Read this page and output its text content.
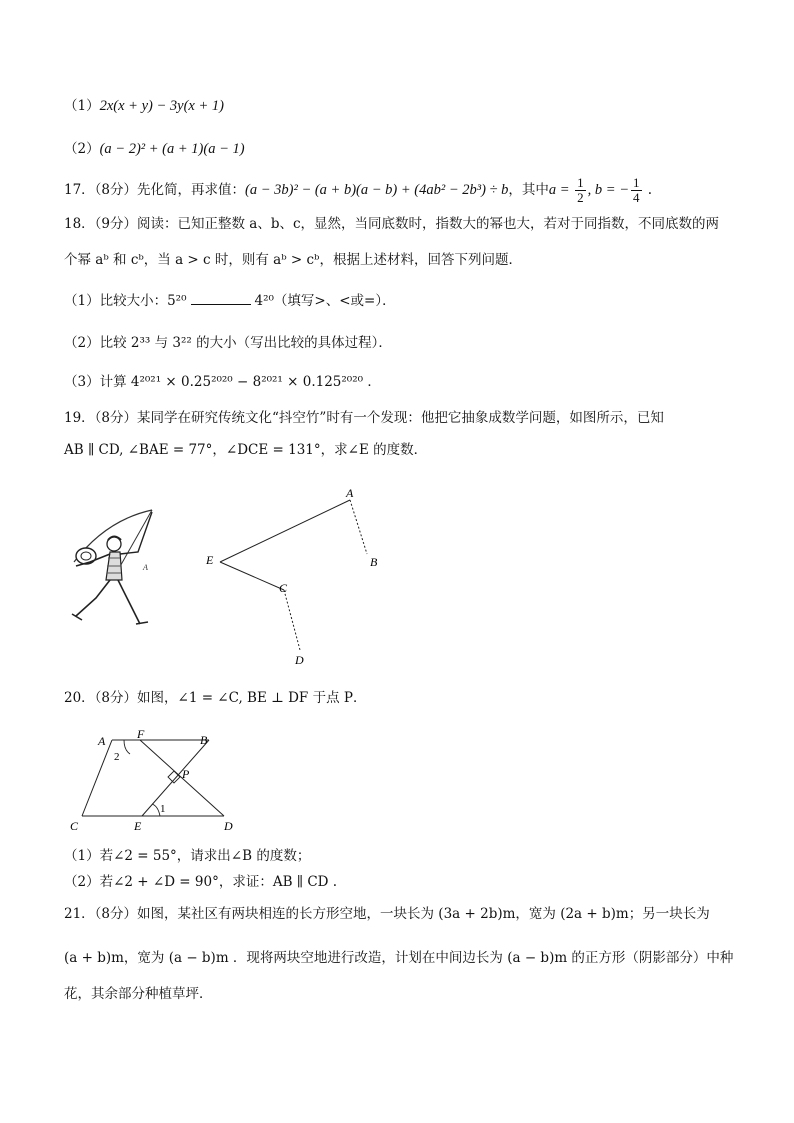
（1）2x(x + y) − 3y(x + 1)
（2）(a − 2)² + (a + 1)(a − 1)
17．（8分）先化简，再求值：(a − 3b)² − (a + b)(a − b) + (4ab² − 2b³) ÷ b，其中$a = \frac{1}{2}$ , b = − $\frac{1}{4}$ .
18．（9分）阅读：已知正整数 a、b、c，显然，当同底数时，指数大的幂也大，若对于同指数，不同底数的两
个幂 aᵇ 和 cᵇ，当 a > c 时，则有 aᵇ > cᵇ，根据上述材料，回答下列问题．
（1）比较大小：5²⁰	4²⁰（填写>、<或=）．
（2）比较 2³³ 与 3²² 的大小（写出比较的具体过程）．
（3）计算 4²⁰²¹ × 0.25²⁰²⁰ − 8²⁰²¹ × 0.125²⁰²⁰ ．
19．（8分）某同学在研究传统文化“抖空竹”时有一个发现：他把它抽象成数学问题，如图所示，已知
AB ∥ CD, ∠BAE = 77°，∠DCE = 131°，求∠E 的度数．
A
A
B
C
D
E
20．（8分）如图，∠1 = ∠C, BE ⊥ DF 于点 P．
A	F	B
P
C	E	D
2
1
（1）若∠2 = 55°，请求出∠B 的度数；
（2）若∠2 + ∠D = 90°，求证：AB ∥ CD .
21．（8分）如图，某社区有两块相连的长方形空地，一块长为 (3a + 2b)m，宽为 (2a + b)m；另一块长为
(a + b)m，宽为 (a − b)m ．现将两块空地进行改造，计划在中间边长为 (a − b)m 的正方形（阴影部分）中种
花，其余部分种植草坪．
